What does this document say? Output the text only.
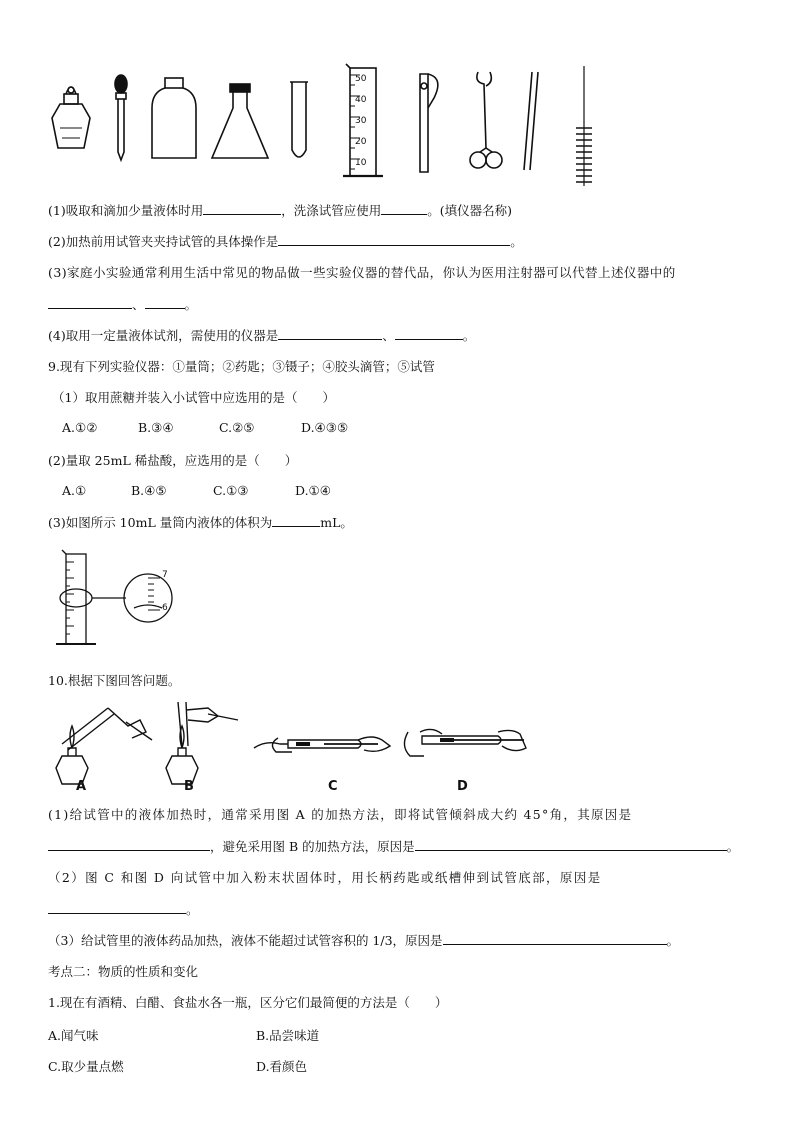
50
40
30
20
10
(1)吸取和滴加少量液体时用	，洗涤试管应使用	。(填仪器名称)
(2)加热前用试管夹夹持试管的具体操作是	。
(3)家庭小实验通常利用生活中常见的物品做一些实验仪器的替代品，你认为医用注射器可以代替上述仪器中的
、	。
(4)取用一定量液体试剂，需使用的仪器是	、	。
9.现有下列实验仪器：①量筒；②药匙；③镊子；④胶头滴管；⑤试管
（1）取用蔗糖并装入小试管中应选用的是（　　）
A.①②	B.③④	C.②⑤	D.④③⑤
(2)量取 25mL 稀盐酸，应选用的是（　　）
A.①	B.④⑤	C.①③	D.①④
(3)如图所示 10mL 量筒内液体的体积为	mL。
7
6
10.根据下图回答问题。
A	B	C	D
(1)给试管中的液体加热时，通常采用图 A 的加热方法，即将试管倾斜成大约 45°角，其原因是
，避免采用图 B 的加热方法，原因是	。
（2）图 C 和图 D 向试管中加入粉末状固体时，用长柄药匙或纸槽伸到试管底部，原因是
。
（3）给试管里的液体药品加热，液体不能超过试管容积的 1/3，原因是	。
考点二：物质的性质和变化
1.现在有酒精、白醋、食盐水各一瓶，区分它们最简便的方法是（　　）
A.闻气味	B.品尝味道
C.取少量点燃	D.看颜色
